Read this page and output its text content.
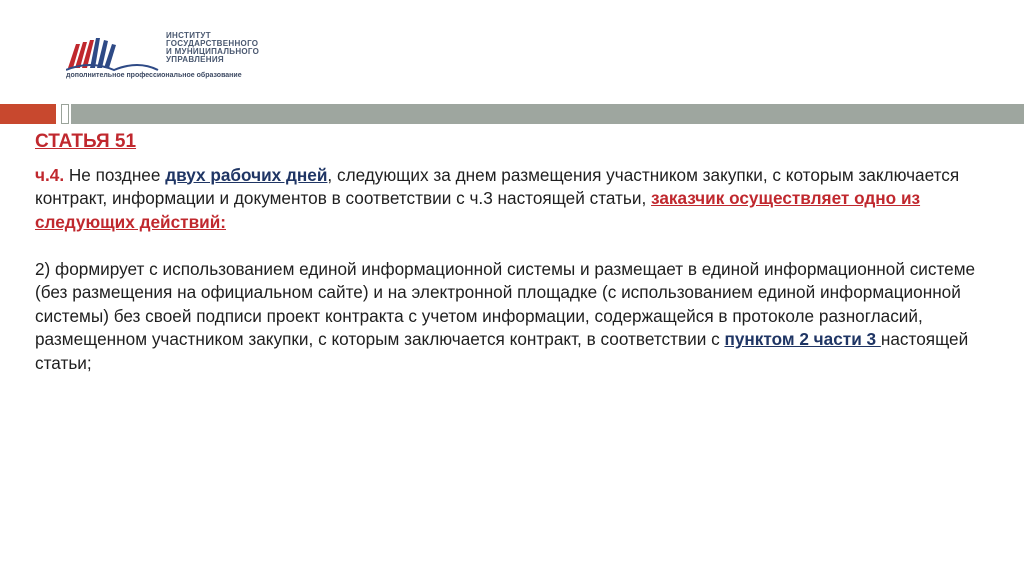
ИНСТИТУТ
ГОСУДАРСТВЕННОГО
И МУНИЦИПАЛЬНОГО
УПРАВЛЕНИЯ
дополнительное профессиональное образование
СТАТЬЯ 51

ч.4. Не позднее двух рабочих дней, следующих за днем размещения участником закупки, с которым заключается контракт, информации и документов в соответствии с ч.3 настоящей статьи, заказчик осуществляет одно из следующих действий:

2) формирует с использованием единой информационной системы и размещает в единой информационной системе (без размещения на официальном сайте) и на электронной площадке (с использованием единой информационной системы) без своей подписи проект контракта с учетом информации, содержащейся в протоколе разногласий, размещенном участником закупки, с которым заключается контракт, в соответствии с пунктом 2 части 3 настоящей статьи;
